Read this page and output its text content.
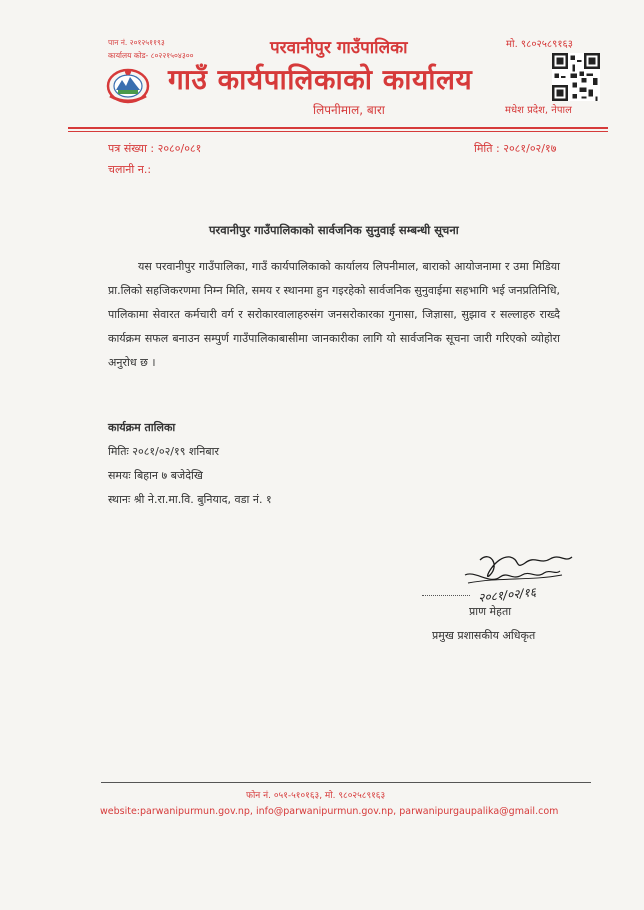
पान नं. २०१२५११९३
कार्यालय कोड- ८०२२१५०४३००	परवानीपुर गाउँपालिका
गाउँ कार्यपालिकाको कार्यालय
लिपनीमाल, बारा
मो. ९८०२५८९१६३
मधेश प्रदेश, नेपाल
पत्र संख्या : २०८०/०८१
चलानी न.:
मिति : २०८१/०२/१७
परवानीपुर गाउँपालिकाको सार्वजनिक सुनुवाई सम्बन्धी सूचना
यस परवानीपुर गाउँपालिका, गाउँ कार्यपालिकाको कार्यालय लिपनीमाल, बाराको आयोजनामा र उमा मिडिया प्रा.लिको सहजिकरणमा निम्न मिति, समय र स्थानमा हुन गइरहेको सार्वजनिक सुनुवाईमा सहभागि भई जनप्रतिनिधि, पालिकामा सेवारत कर्मचारी वर्ग र सरोकारवालाहरुसंग जनसरोकारका गुनासा, जिज्ञासा, सुझाव र सल्लाहरु राख्दै कार्यक्रम सफल बनाउन सम्पुर्ण गाउँपालिकाबासीमा जानकारीका लागि यो सार्वजनिक सूचना जारी गरिएको व्योहोरा अनुरोध छ ।
कार्यक्रम तालिका
मितिः २०८१/०२/१९ शनिबार
समयः बिहान ७ बजेदेखि
स्थानः श्री ने.रा.मा.वि. बुनियाद, वडा नं. १
२०८१/०२/१६
प्राण मेहता
प्रमुख प्रशासकीय अधिकृत
फोन नं. ०५१-५१०१६३, मो. ९८०२५८९१६३
website:parwanipurmun.gov.np, info@parwanipurmun.gov.np, parwanipurgaupalika@gmail.com
